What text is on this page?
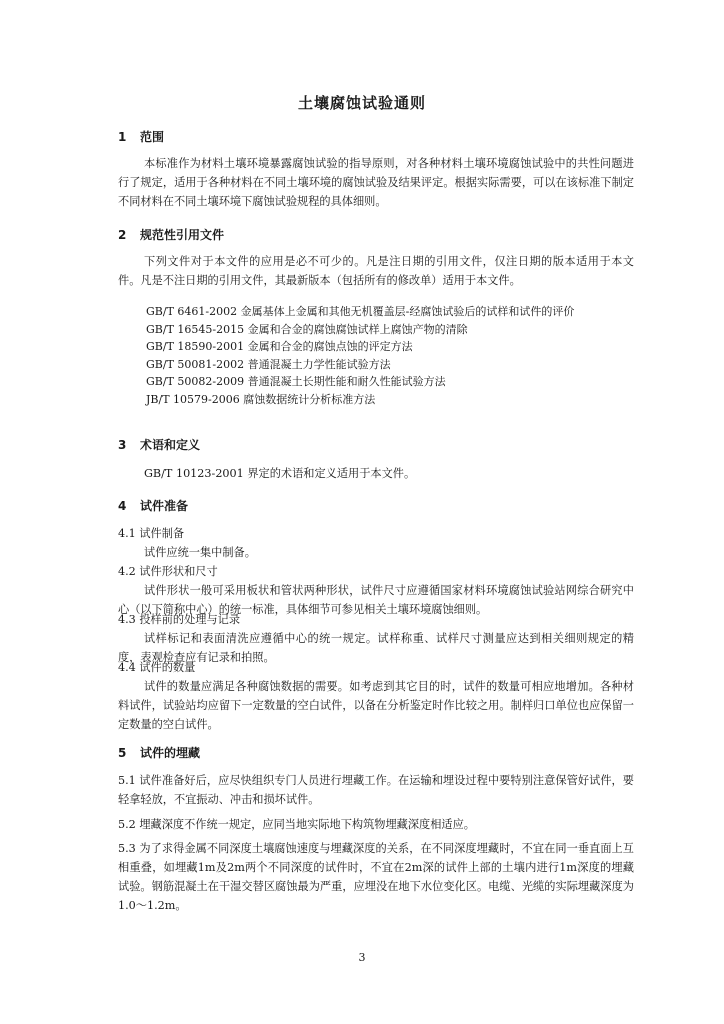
土壤腐蚀试验通则
1 范围
本标准作为材料土壤环境暴露腐蚀试验的指导原则，对各种材料土壤环境腐蚀试验中的共性问题进行了规定，适用于各种材料在不同土壤环境的腐蚀试验及结果评定。根据实际需要，可以在该标准下制定不同材料在不同土壤环境下腐蚀试验规程的具体细则。
2 规范性引用文件
下列文件对于本文件的应用是必不可少的。凡是注日期的引用文件，仅注日期的版本适用于本文件。凡是不注日期的引用文件，其最新版本（包括所有的修改单）适用于本文件。
GB/T 6461-2002 金属基体上金属和其他无机覆盖层-经腐蚀试验后的试样和试件的评价
GB/T 16545-2015 金属和合金的腐蚀腐蚀试样上腐蚀产物的清除
GB/T 18590-2001 金属和合金的腐蚀点蚀的评定方法
GB/T 50081-2002 普通混凝土力学性能试验方法
GB/T 50082-2009 普通混凝土长期性能和耐久性能试验方法
JB/T 10579-2006 腐蚀数据统计分析标准方法
3 术语和定义
GB/T 10123-2001 界定的术语和定义适用于本文件。
4 试件准备
4.1 试件制备
试件应统一集中制备。
4.2 试件形状和尺寸
试件形状一般可采用板状和管状两种形状，试件尺寸应遵循国家材料环境腐蚀试验站网综合研究中心（以下简称中心）的统一标准，具体细节可参见相关土壤环境腐蚀细则。
4.3 投样前的处理与记录
试样标记和表面清洗应遵循中心的统一规定。试样称重、试样尺寸测量应达到相关细则规定的精度，表观检查应有记录和拍照。
4.4 试件的数量
试件的数量应满足各种腐蚀数据的需要。如考虑到其它目的时，试件的数量可相应地增加。各种材料试件，试验站均应留下一定数量的空白试件，以备在分析鉴定时作比较之用。制样归口单位也应保留一定数量的空白试件。
5 试件的埋藏
5.1 试件准备好后，应尽快组织专门人员进行埋藏工作。在运输和埋设过程中要特别注意保管好试件，要轻拿轻放，不宜振动、冲击和损坏试件。
5.2 埋藏深度不作统一规定，应同当地实际地下构筑物埋藏深度相适应。
5.3 为了求得金属不同深度土壤腐蚀速度与埋藏深度的关系，在不同深度埋藏时，不宜在同一垂直面上互相重叠，如埋藏1m及2m两个不同深度的试件时，不宜在2m深的试件上部的土壤内进行1m深度的埋藏试验。钢筋混凝土在干湿交替区腐蚀最为严重，应埋没在地下水位变化区。电缆、光缆的实际埋藏深度为1.0～1.2m。
3
